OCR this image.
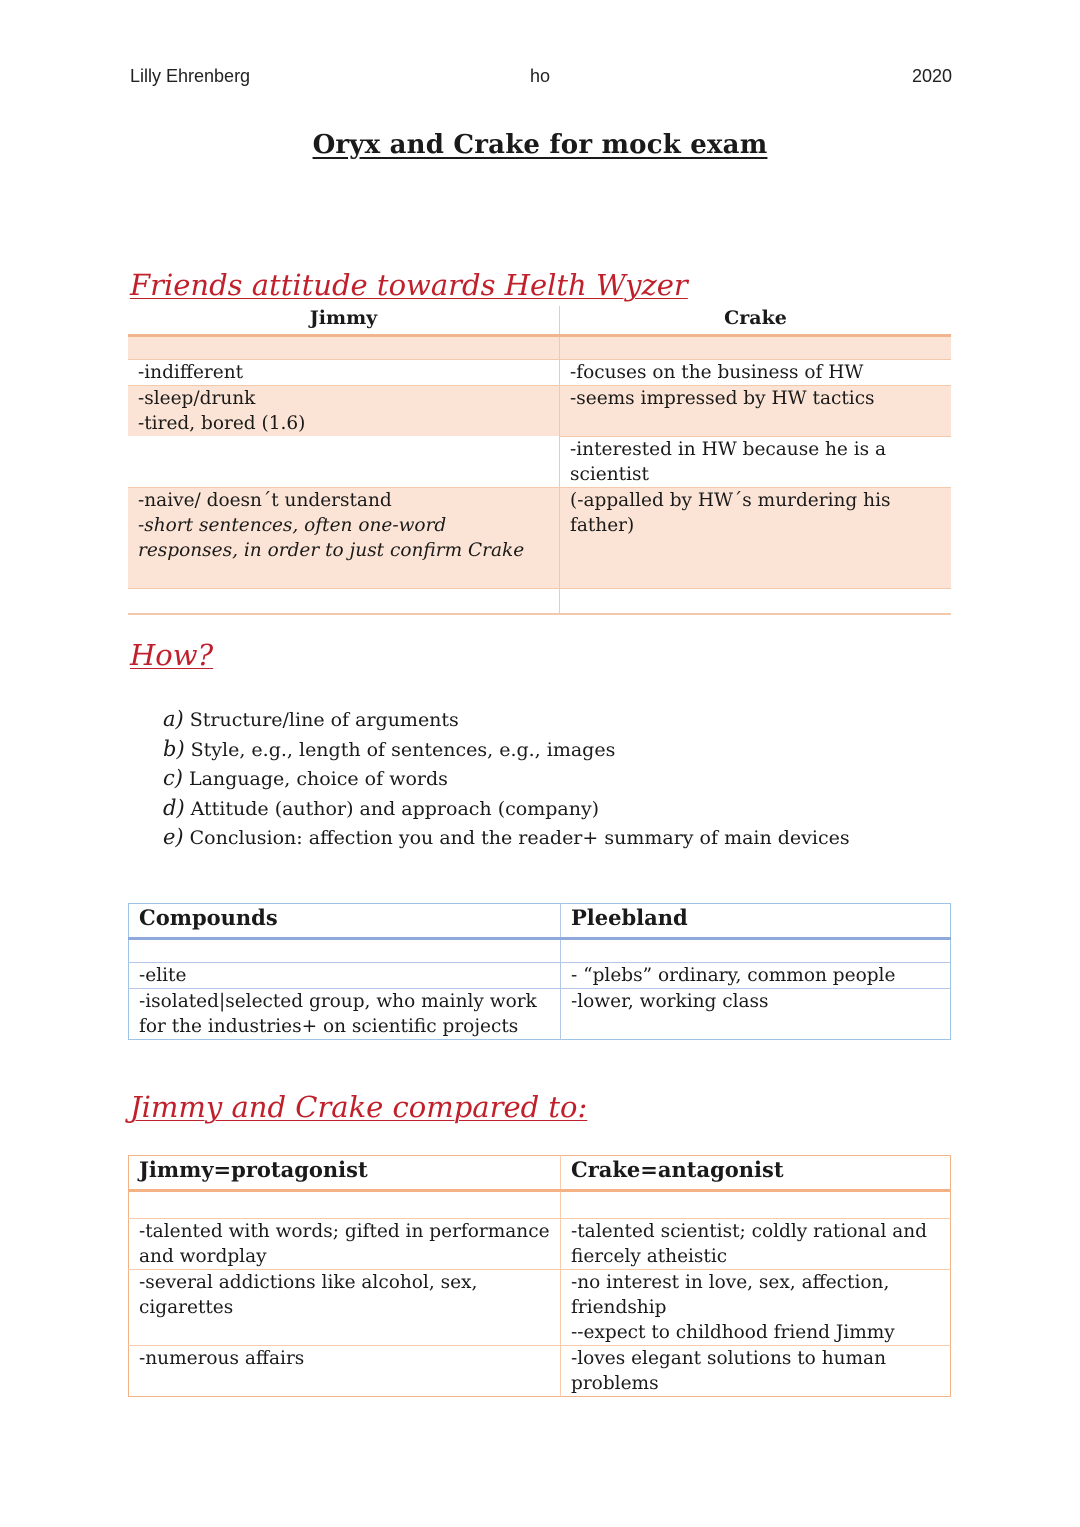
Lilly Ehrenberg	ho	2020
Oryx and Crake for mock exam
Friends attitude towards Helth Wyzer
Jimmy	Crake

-indifferent	-focuses on the business of HW

-sleep/drunk
-tired, bored (1.6)	-seems impressed by HW tactics
	-interested in HW because he is a scientist

-naive/ doesn´t understand
-short sentences, often one-word responses, in order to just confirm Crake	(-appalled by HW´s murdering his father)

How?
a) Structure/line of arguments
b) Style, e.g., length of sentences, e.g., images
c) Language, choice of words
d) Attitude (author) and approach (company)
e) Conclusion: affection you and the reader+ summary of main devices
Compounds	Pleebland

-elite	- “plebs” ordinary, common people
-isolated|selected group, who mainly work for the industries+ on scientific projects	-lower, working class
Jimmy and Crake compared to:
Jimmy=protagonist	Crake=antagonist

-talented with words; gifted in performance and wordplay	-talented scientist; coldly rational and fiercely atheistic
-several addictions like alcohol, sex, cigarettes	-no interest in love, sex, affection, friendship
--expect to childhood friend Jimmy

-numerous affairs	-loves elegant solutions to human problems
